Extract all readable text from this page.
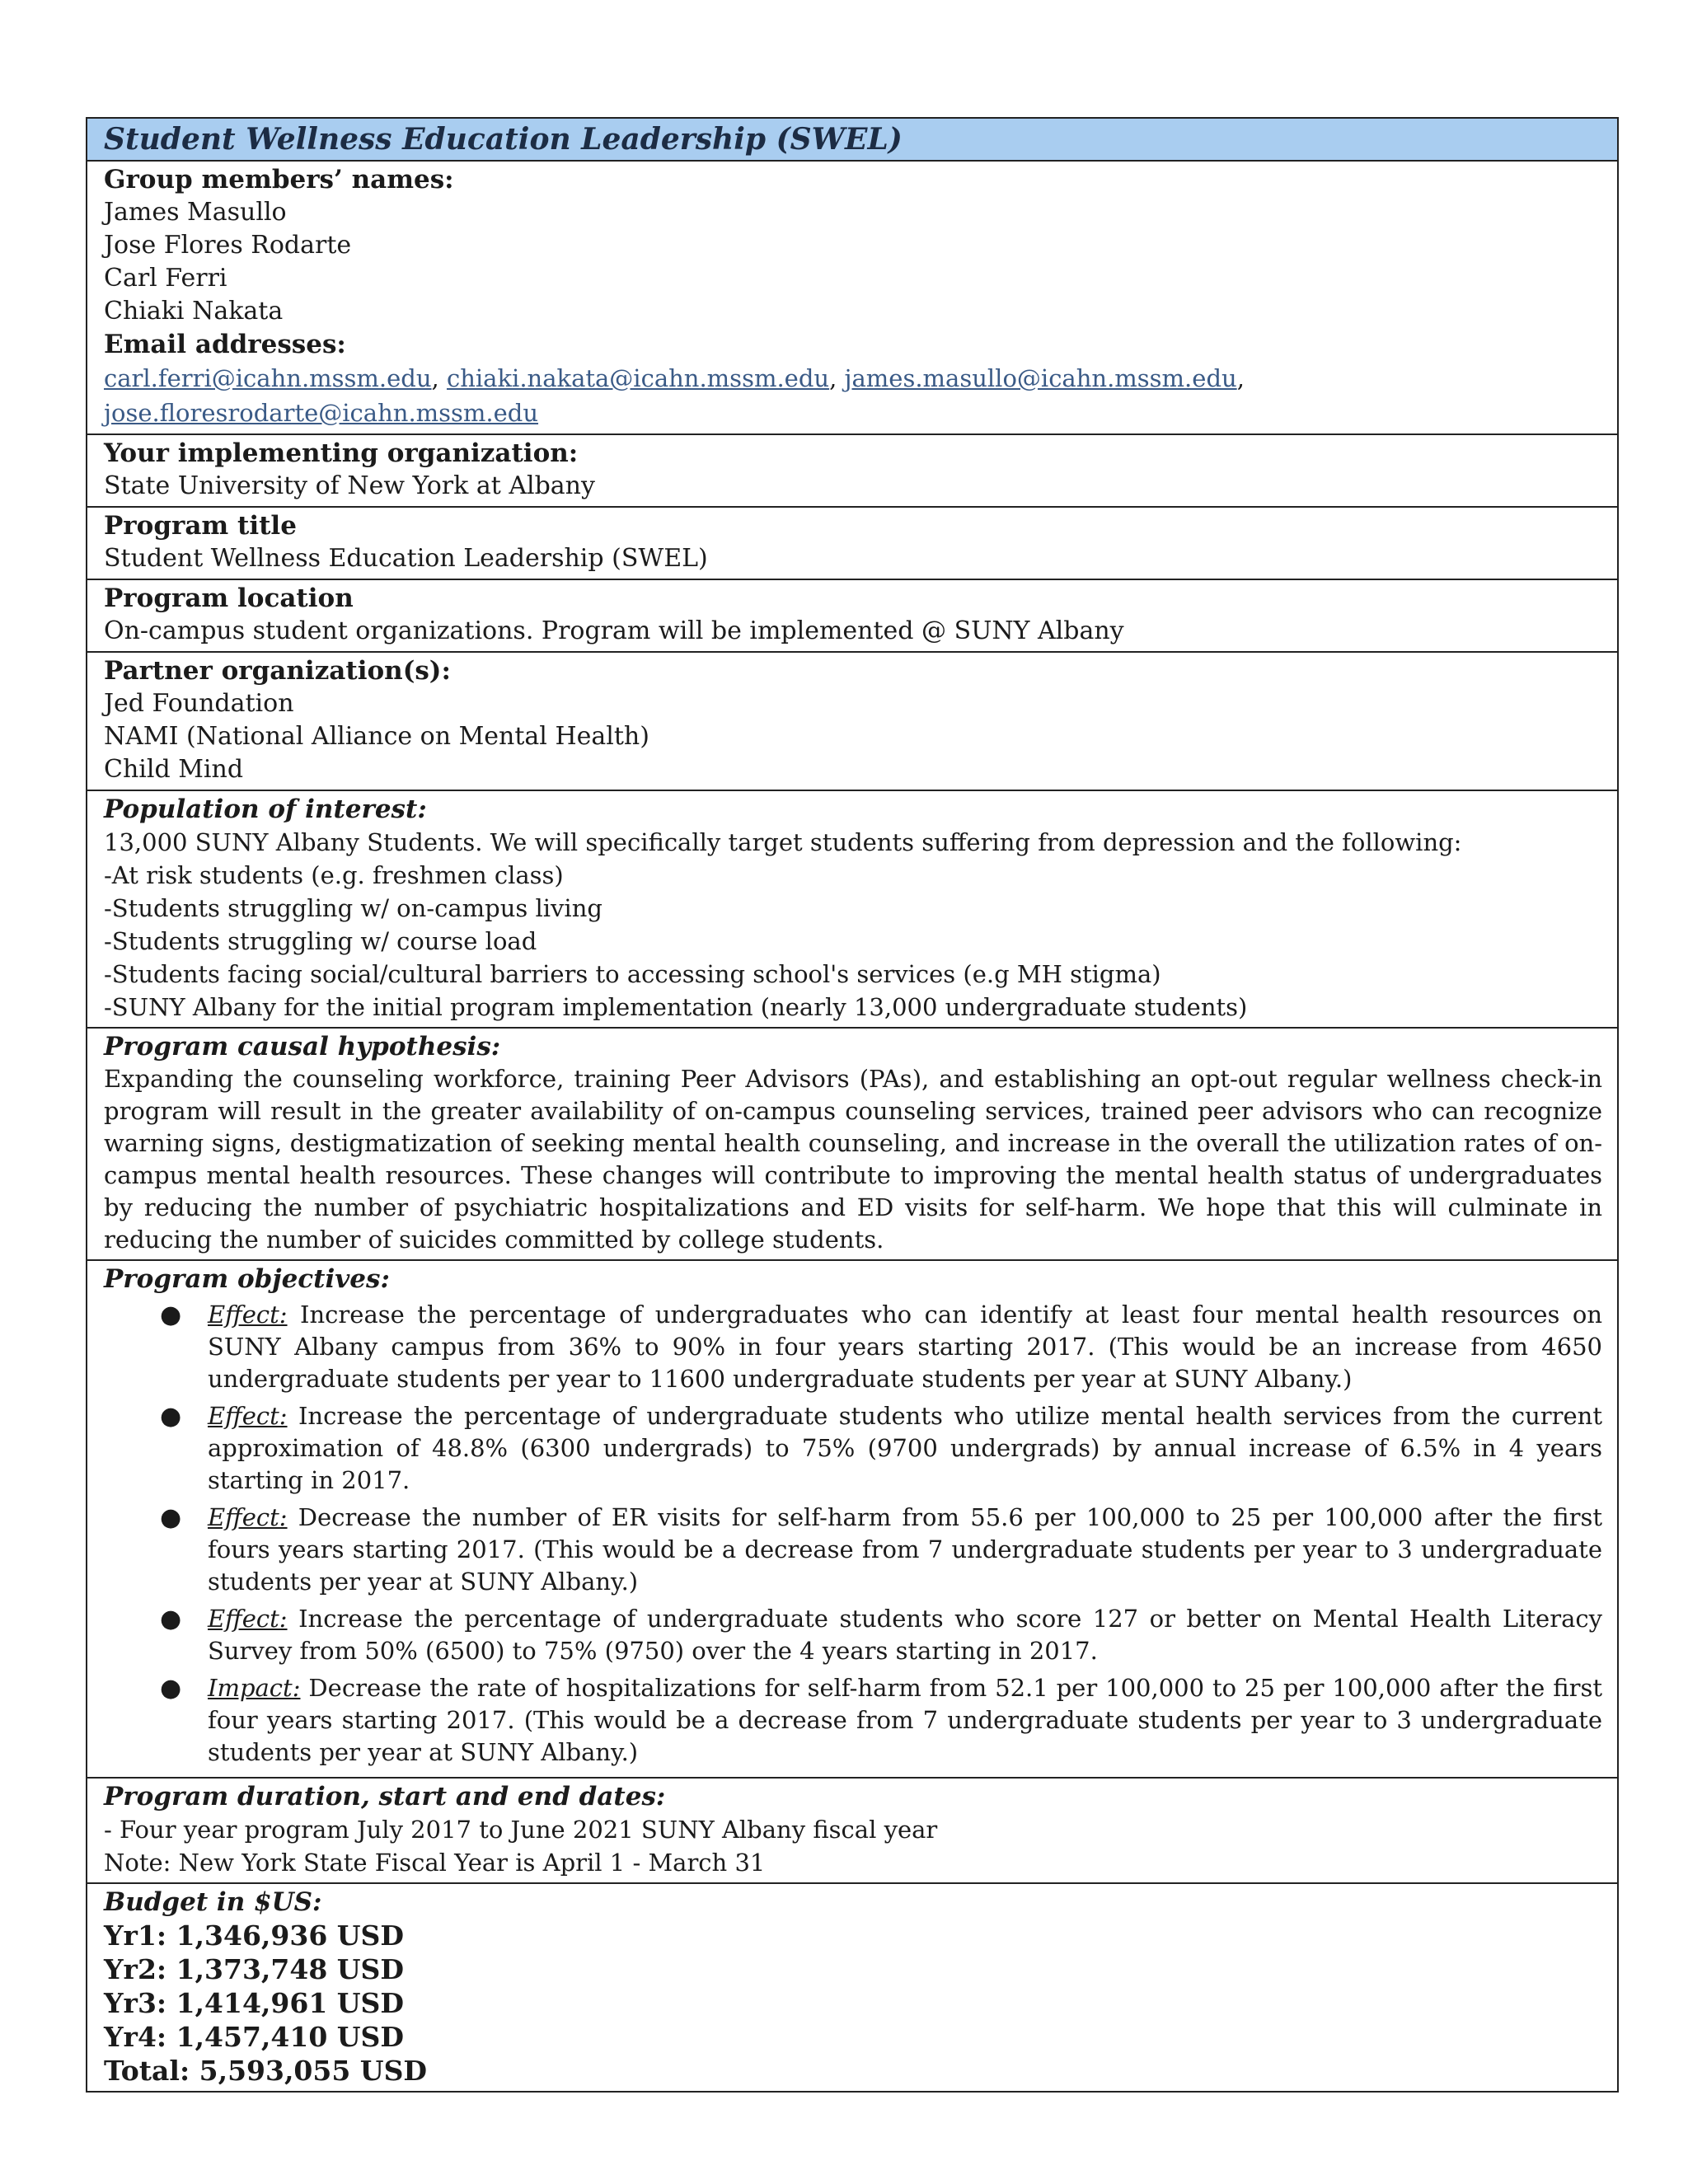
Student Wellness Education Leadership (SWEL)
Group members’ names:
James Masullo
Jose Flores Rodarte
Carl Ferri
Chiaki Nakata
Email addresses:
carl.ferri@icahn.mssm.edu, chiaki.nakata@icahn.mssm.edu, james.masullo@icahn.mssm.edu,
jose.floresrodarte@icahn.mssm.edu
Your implementing organization:
State University of New York at Albany
Program title
Student Wellness Education Leadership (SWEL)
Program location
On-campus student organizations. Program will be implemented @ SUNY Albany
Partner organization(s):
Jed Foundation
NAMI (National Alliance on Mental Health)
Child Mind
Population of interest:
13,000 SUNY Albany Students. We will specifically target students suffering from depression and the following:
-At risk students (e.g. freshmen class)
-Students struggling w/ on-campus living
-Students struggling w/ course load
-Students facing social/cultural barriers to accessing school's services (e.g MH stigma)
-SUNY Albany for the initial program implementation (nearly 13,000 undergraduate students)
Program causal hypothesis:
Expanding the counseling workforce, training Peer Advisors (PAs), and establishing an opt-out regular wellness check-in program will result in the greater availability of on-campus counseling services, trained peer advisors who can recognize warning signs, destigmatization of seeking mental health counseling, and increase in the overall the utilization rates of on-campus mental health resources. These changes will contribute to improving the mental health status of undergraduates by reducing the number of psychiatric hospitalizations and ED visits for self-harm. We hope that this will culminate in reducing the number of suicides committed by college students.
Program objectives:
● Effect: Increase the percentage of undergraduates who can identify at least four mental health resources on SUNY Albany campus from 36% to 90% in four years starting 2017. (This would be an increase from 4650 undergraduate students per year to 11600 undergraduate students per year at SUNY Albany.)
● Effect: Increase the percentage of undergraduate students who utilize mental health services from the current approximation of 48.8% (6300 undergrads) to 75% (9700 undergrads) by annual increase of 6.5% in 4 years starting in 2017.
● Effect: Decrease the number of ER visits for self-harm from 55.6 per 100,000 to 25 per 100,000 after the first fours years starting 2017. (This would be a decrease from 7 undergraduate students per year to 3 undergraduate students per year at SUNY Albany.)
● Effect: Increase the percentage of undergraduate students who score 127 or better on Mental Health Literacy Survey from 50% (6500) to 75% (9750) over the 4 years starting in 2017.
● Impact: Decrease the rate of hospitalizations for self-harm from 52.1 per 100,000 to 25 per 100,000 after the first four years starting 2017. (This would be a decrease from 7 undergraduate students per year to 3 undergraduate students per year at SUNY Albany.)
Program duration, start and end dates:
- Four year program July 2017 to June 2021 SUNY Albany fiscal year
Note: New York State Fiscal Year is April 1 - March 31
Budget in $US:
Yr1: 1,346,936 USD
Yr2: 1,373,748 USD
Yr3: 1,414,961 USD
Yr4: 1,457,410 USD
Total: 5,593,055 USD
